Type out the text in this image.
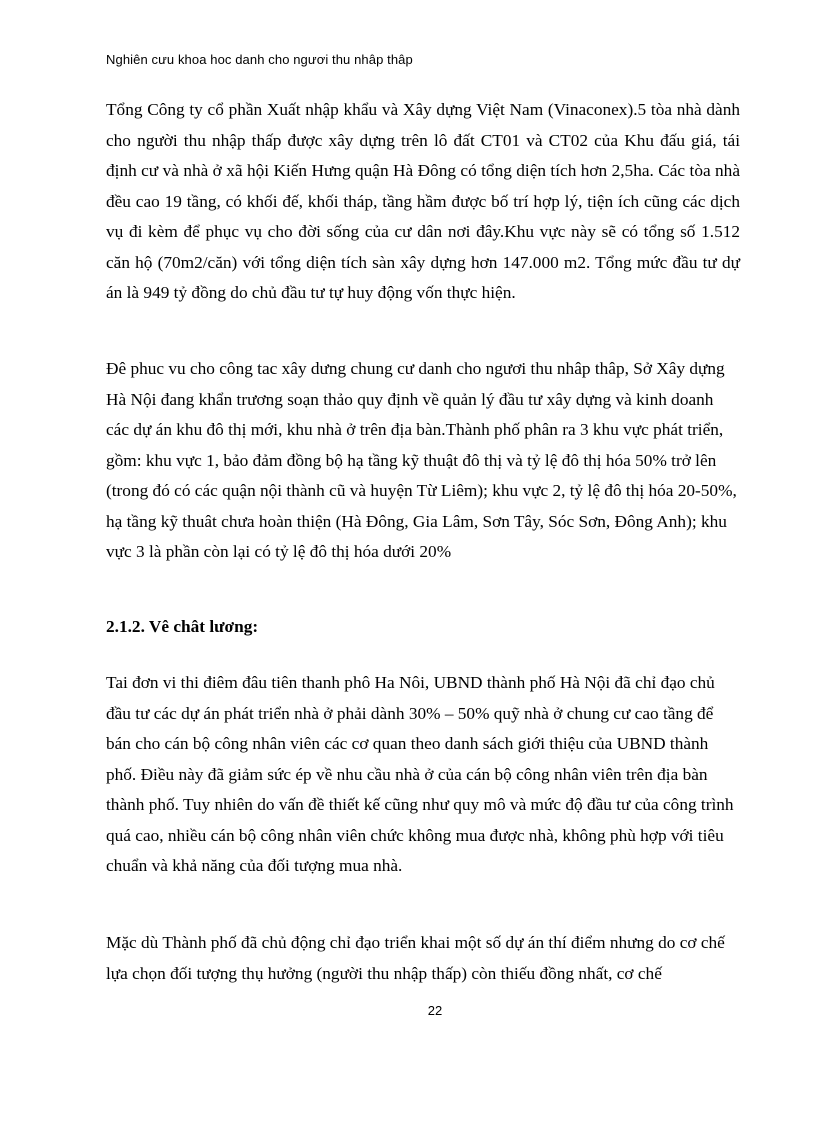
Nghiên cưu khoa hoc danh cho ngươi thu nhâp thâp

Tổng Công ty cổ phần Xuất nhập khẩu và Xây dựng Việt Nam (Vinaconex).5 tòa nhà dành cho người thu nhập thấp được xây dựng trên lô đất CT01 và CT02 của Khu đấu giá, tái định cư và nhà ở xã hội Kiến Hưng quận Hà Đông có tổng diện tích hơn 2,5ha. Các tòa nhà đều cao 19 tầng, có khối đế, khối tháp, tầng hầm được bố trí hợp lý, tiện ích cũng các dịch vụ đi kèm để phục vụ cho đời sống của cư dân nơi đây.Khu vực này sẽ có tổng số 1.512 căn hộ (70m2/căn) với tổng diện tích sàn xây dựng hơn 147.000 m2. Tổng mức đầu tư dự án là 949 tỷ đồng do chủ đầu tư tự huy động vốn thực hiện.

Đê phuc vu cho công tac xây dưng chung cư danh cho ngươi thu nhâp thâp, Sở Xây dựng Hà Nội đang khẩn trương soạn thảo quy định về quản lý đầu tư xây dựng và kinh doanh các dự án khu đô thị mới, khu nhà ở trên địa bàn.Thành phố phân ra 3 khu vực phát triển, gồm: khu vực 1, bảo đảm đồng bộ hạ tầng kỹ thuật đô thị và tỷ lệ đô thị hóa 50% trở lên (trong đó có các quận nội thành cũ và huyện Từ Liêm); khu vực 2, tỷ lệ đô thị hóa 20-50%, hạ tầng kỹ thuât chưa hoàn thiện (Hà Đông, Gia Lâm, Sơn Tây, Sóc Sơn, Đông Anh); khu vực 3 là phần còn lại có tỷ lệ đô thị hóa dưới 20%

2.1.2. Vê chât lương:

Tai đơn vi thi điêm đâu tiên thanh phô Ha Nôi, UBND thành phố Hà Nội đã chỉ đạo chủ đầu tư các dự án phát triển nhà ở phải dành 30% – 50% quỹ nhà ở chung cư cao tầng để bán cho cán bộ công nhân viên các cơ quan theo danh sách giới thiệu của UBND thành phố. Điều này đã giảm sức ép về nhu cầu nhà ở của cán bộ công nhân viên trên địa bàn thành phố. Tuy nhiên do vấn đề thiết kế cũng như quy mô và mức độ đầu tư của công trình quá cao, nhiều cán bộ công nhân viên chức không mua được nhà, không phù hợp với tiêu chuẩn và khả năng của đối tượng mua nhà.

Mặc dù Thành phố đã chủ động chỉ đạo triển khai một số dự án thí điểm nhưng do cơ chế lựa chọn đối tượng thụ hưởng (người thu nhập thấp) còn thiếu đồng nhất, cơ chế

22
